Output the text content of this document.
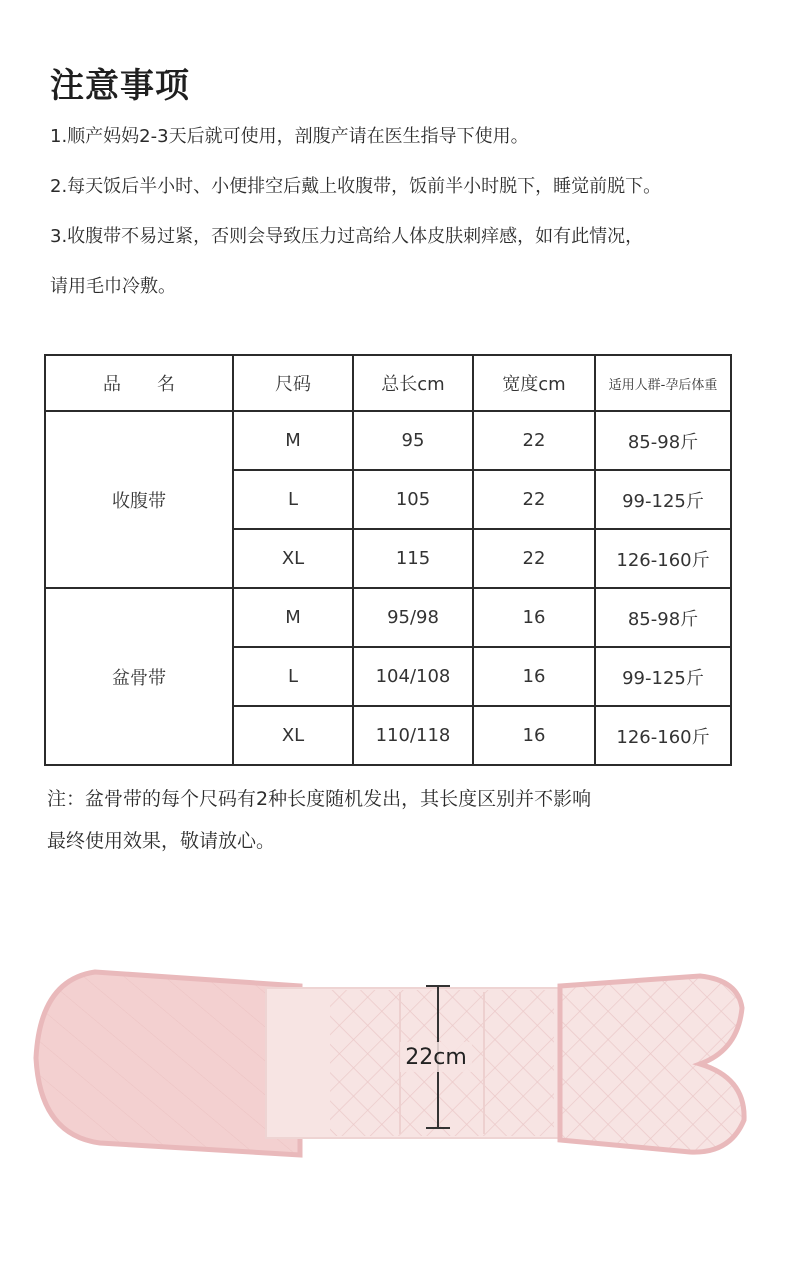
注意事项
1.顺产妈妈2-3天后就可使用，剖腹产请在医生指导下使用。
2.每天饭后半小时、小便排空后戴上收腹带，饭前半小时脱下，睡觉前脱下。
3.收腹带不易过紧，否则会导致压力过高给人体皮肤刺痒感，如有此情况，
请用毛巾冷敷。
品　　名	尺码	总长cm	宽度cm	适用人群-孕后体重
收腹带	M	95	22	85-98斤
	L	105	22	99-125斤
	XL	115	22	126-160斤
盆骨带	M	95/98	16	85-98斤
	L	104/108	16	99-125斤
	XL	110/118	16	126-160斤
注：盆骨带的每个尺码有2种长度随机发出，其长度区别并不影响
最终使用效果，敬请放心。
22cm
